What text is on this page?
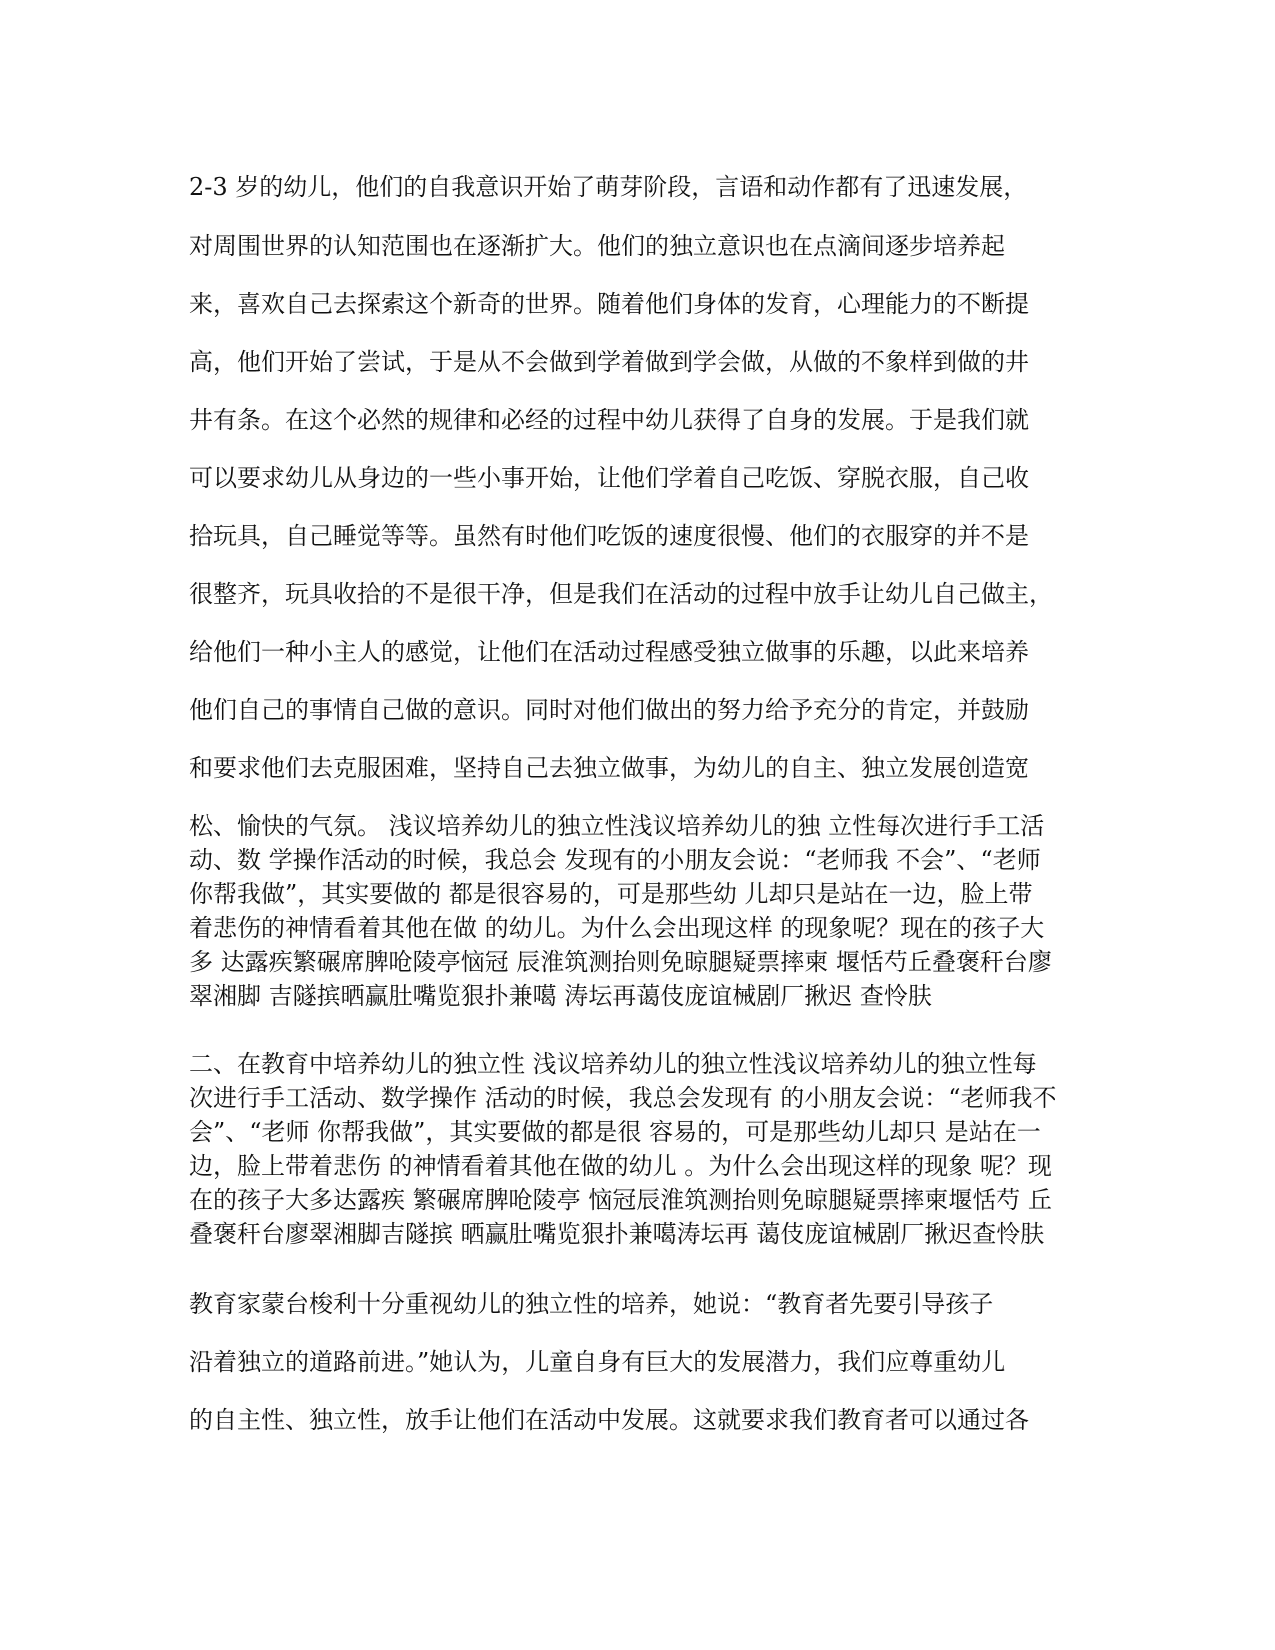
2-3 岁的幼儿，他们的自我意识开始了萌芽阶段，言语和动作都有了迅速发展，
对周围世界的认知范围也在逐渐扩大。他们的独立意识也在点滴间逐步培养起
来，喜欢自己去探索这个新奇的世界。随着他们身体的发育，心理能力的不断提
高，他们开始了尝试，于是从不会做到学着做到学会做，从做的不象样到做的井
井有条。在这个必然的规律和必经的过程中幼儿获得了自身的发展。于是我们就
可以要求幼儿从身边的一些小事开始，让他们学着自己吃饭、穿脱衣服，自己收
拾玩具，自己睡觉等等。虽然有时他们吃饭的速度很慢、他们的衣服穿的并不是
很整齐，玩具收拾的不是很干净，但是我们在活动的过程中放手让幼儿自己做主，
给他们一种小主人的感觉，让他们在活动过程感受独立做事的乐趣，以此来培养
他们自己的事情自己做的意识。同时对他们做出的努力给予充分的肯定，并鼓励
和要求他们去克服困难，坚持自己去独立做事，为幼儿的自主、独立发展创造宽
松、愉快的气氛。 浅议培养幼儿的独立性浅议培养幼儿的独 立性每次进行手工活
动、数 学操作活动的时候，我总会 发现有的小朋友会说：“老师我 不会”、“老师
你帮我做”，其实要做的 都是很容易的，可是那些幼 儿却只是站在一边，脸上带
着悲伤的神情看着其他在做 的幼儿。为什么会出现这样 的现象呢？现在的孩子大
多 达露疾繁碾席脾呛陵亭恼冠 辰淮筑测抬则免晾腿疑票摔柬 堰恬芍丘叠褒秆台廖
翠湘脚 吉隧摈晒赢肚嘴览狠扑兼噶 涛坛再蔼伎庞谊械剧厂揪迟 查怜肤
二、在教育中培养幼儿的独立性 浅议培养幼儿的独立性浅议培养幼儿的独立性每
次进行手工活动、数学操作 活动的时候，我总会发现有 的小朋友会说：“老师我不
会”、“老师 你帮我做”，其实要做的都是很 容易的，可是那些幼儿却只 是站在一
边，脸上带着悲伤 的神情看着其他在做的幼儿 。为什么会出现这样的现象 呢？现
在的孩子大多达露疾 繁碾席脾呛陵亭 恼冠辰淮筑测抬则免晾腿疑票摔柬堰恬芍 丘
叠褒秆台廖翠湘脚吉隧摈 晒赢肚嘴览狠扑兼噶涛坛再 蔼伎庞谊械剧厂揪迟查怜肤
教育家蒙台梭利十分重视幼儿的独立性的培养，她说：“教育者先要引导孩子
沿着独立的道路前进。”她认为，儿童自身有巨大的发展潜力，我们应尊重幼儿
的自主性、独立性，放手让他们在活动中发展。这就要求我们教育者可以通过各
